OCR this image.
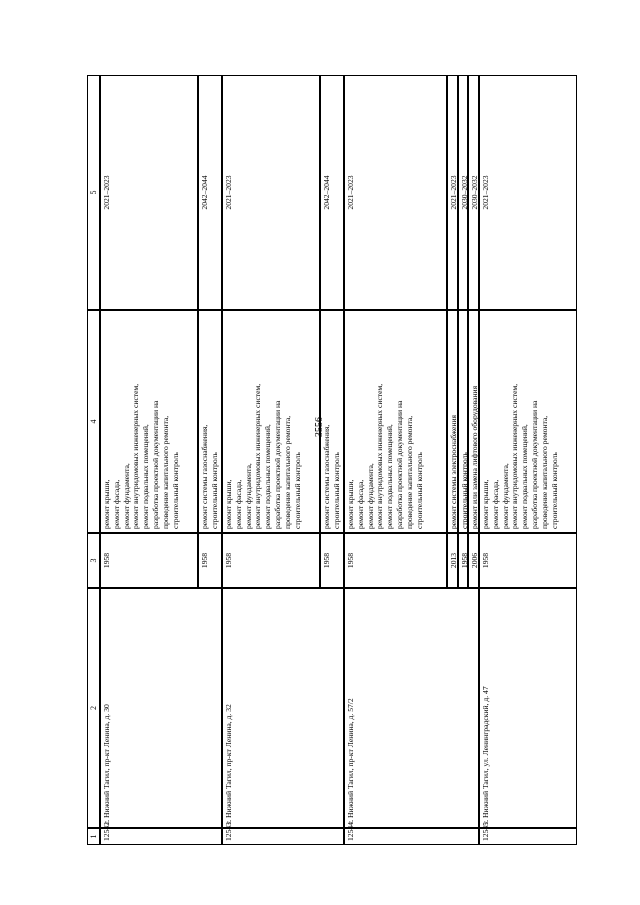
3556
1
2
3
4
5
12542.
г. Нижний Тагил, пр-кт Ленина, д. 30
1958
ремонт крыши,
ремонт фасада,
ремонт фундамента,
ремонт внутридомовых инженерных систем,
ремонт подвальных помещений,
разработка проектной документации на
проведение капитального ремонта,
строительный контроль
2021–2023
1958
ремонт системы газоснабжения,
строительный контроль
2042–2044
12543.
г. Нижний Тагил, пр-кт Ленина, д. 32
1958
ремонт крыши,
ремонт фасада,
ремонт фундамента,
ремонт внутридомовых инженерных систем,
ремонт подвальных помещений,
разработка проектной документации на
проведение капитального ремонта,
строительный контроль
2021–2023
1958
ремонт системы газоснабжения,
строительный контроль
2042–2044
12544.
г. Нижний Тагил, пр-кт Ленина, д. 57/2
1958
ремонт крыши,
ремонт фасада,
ремонт фундамента,
ремонт внутридомовых инженерных систем,
ремонт подвальных помещений,
разработка проектной документации на
проведение капитального ремонта,
строительный контроль
2021–2023
2013
ремонт системы электроснабжения
2021–2023
1958
строительный контроль
2030–2032
2006
ремонт или замена лифтового оборудования
2030–2032
12545.
г. Нижний Тагил, ул. Ленинградский, д. 47
1958
ремонт крыши,
ремонт фасада,
ремонт фундамента,
ремонт внутридомовых инженерных систем,
ремонт подвальных помещений,
разработка проектной документации на
проведение капитального ремонта,
строительный контроль
2021–2023
